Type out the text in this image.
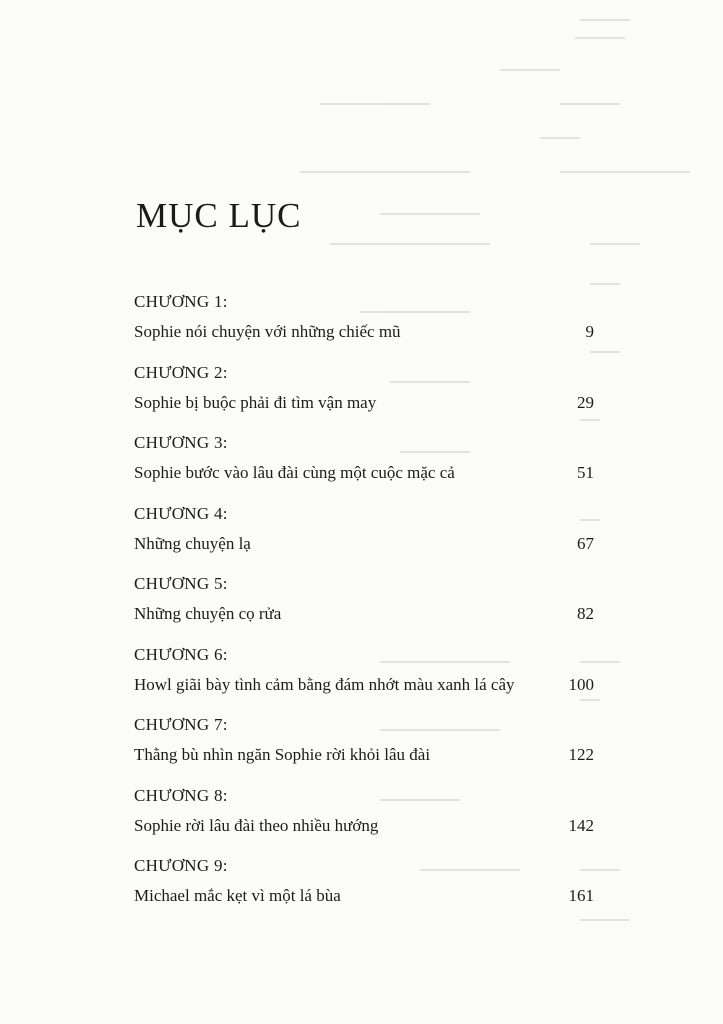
MỤC LỤC
CHƯƠNG 1:
Sophie nói chuyện với những chiếc mũ	9
CHƯƠNG 2:
Sophie bị buộc phải đi tìm vận may	29
CHƯƠNG 3:
Sophie bước vào lâu đài cùng một cuộc mặc cả	51
CHƯƠNG 4:
Những chuyện lạ	67
CHƯƠNG 5:
Những chuyện cọ rửa	82
CHƯƠNG 6:
Howl giãi bày tình cảm bằng đám nhớt màu xanh lá cây	100
CHƯƠNG 7:
Thằng bù nhìn ngăn Sophie rời khỏi lâu đài	122
CHƯƠNG 8:
Sophie rời lâu đài theo nhiều hướng	142
CHƯƠNG 9:
Michael mắc kẹt vì một lá bùa	161
